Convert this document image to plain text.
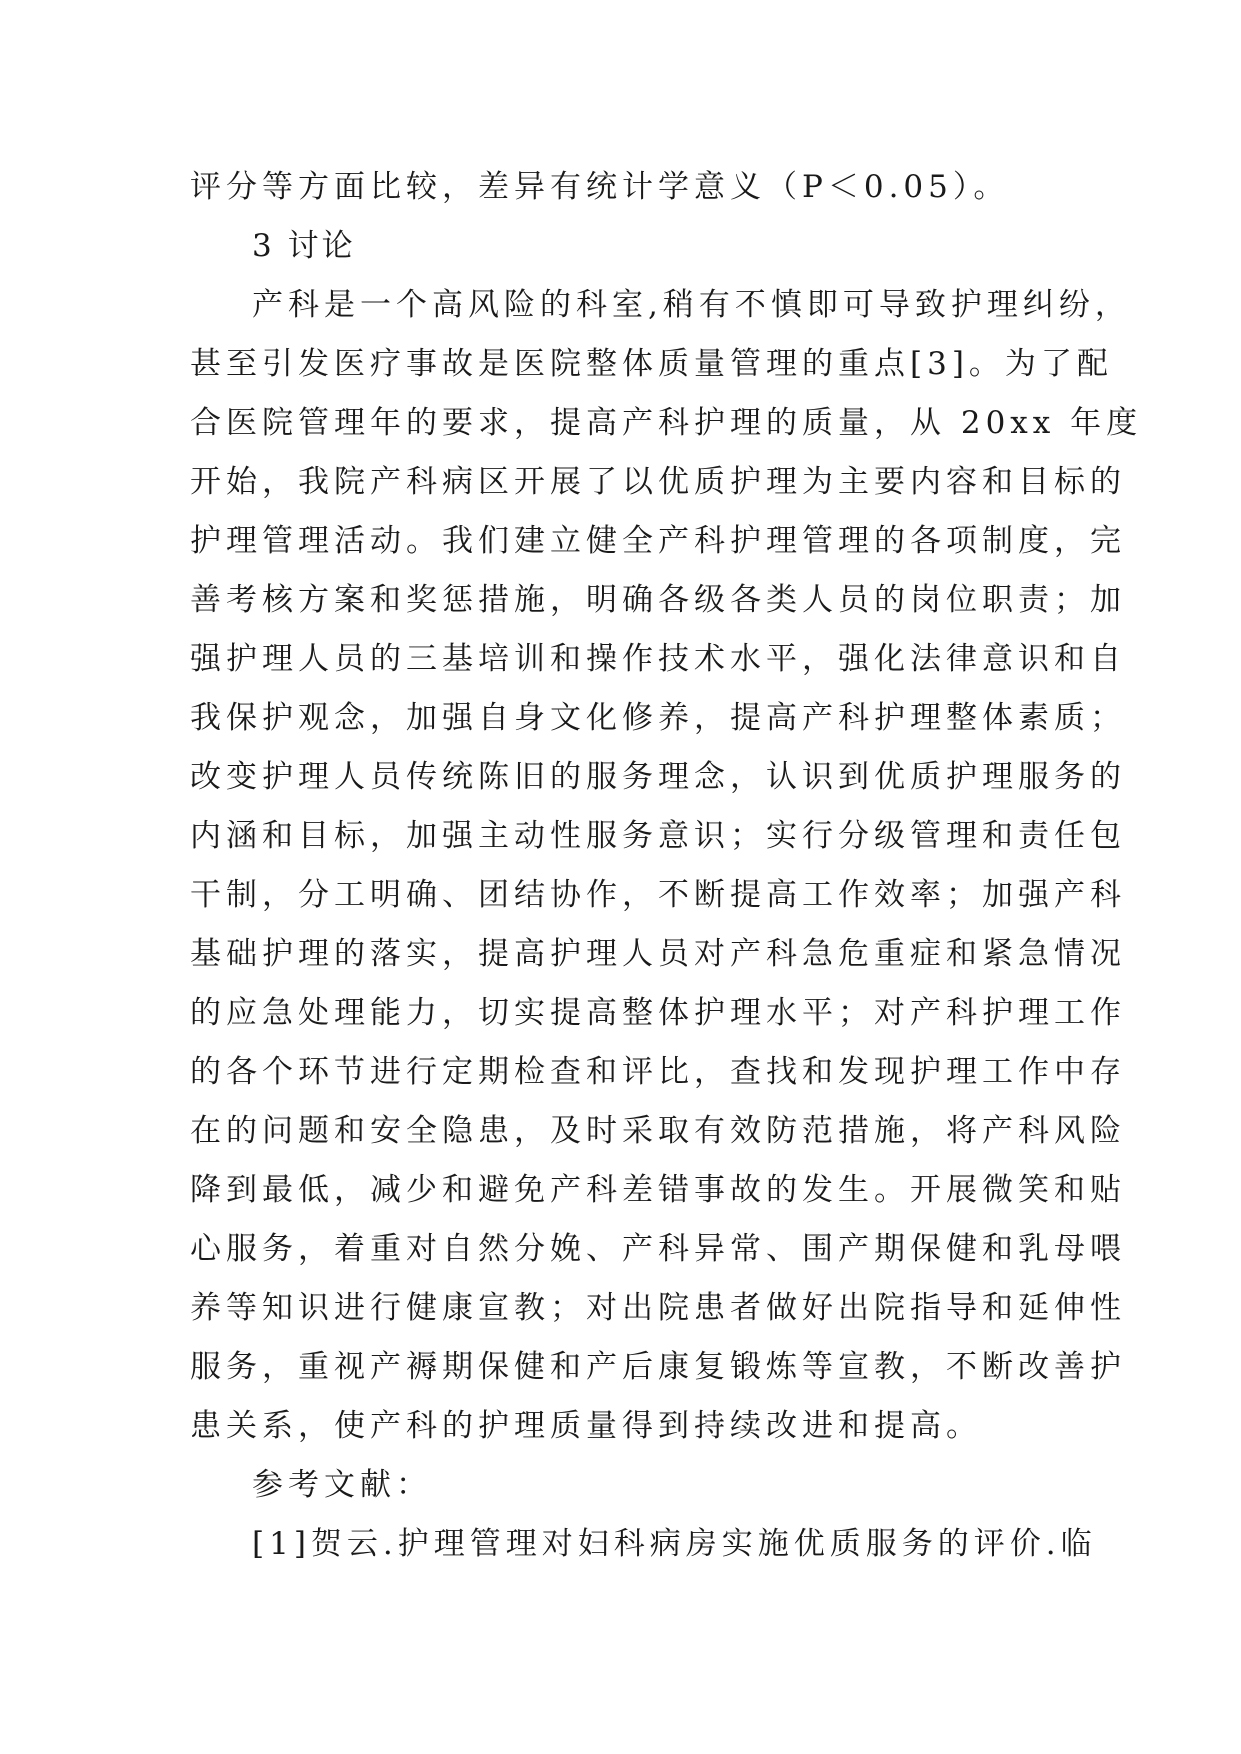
评分等方面比较，差异有统计学意义（P＜0.05）。
3 讨论
产科是一个高风险的科室,稍有不慎即可导致护理纠纷，
甚至引发医疗事故是医院整体质量管理的重点[3]。为了配
合医院管理年的要求，提高产科护理的质量，从 20xx 年度
开始，我院产科病区开展了以优质护理为主要内容和目标的
护理管理活动。我们建立健全产科护理管理的各项制度，完
善考核方案和奖惩措施，明确各级各类人员的岗位职责；加
强护理人员的三基培训和操作技术水平，强化法律意识和自
我保护观念，加强自身文化修养，提高产科护理整体素质；
改变护理人员传统陈旧的服务理念，认识到优质护理服务的
内涵和目标，加强主动性服务意识；实行分级管理和责任包
干制，分工明确、团结协作，不断提高工作效率；加强产科
基础护理的落实，提高护理人员对产科急危重症和紧急情况
的应急处理能力，切实提高整体护理水平；对产科护理工作
的各个环节进行定期检查和评比，查找和发现护理工作中存
在的问题和安全隐患，及时采取有效防范措施，将产科风险
降到最低，减少和避免产科差错事故的发生。开展微笑和贴
心服务，着重对自然分娩、产科异常、围产期保健和乳母喂
养等知识进行健康宣教；对出院患者做好出院指导和延伸性
服务，重视产褥期保健和产后康复锻炼等宣教，不断改善护
患关系，使产科的护理质量得到持续改进和提高。
参考文献：
[1]贺云.护理管理对妇科病房实施优质服务的评价.临
